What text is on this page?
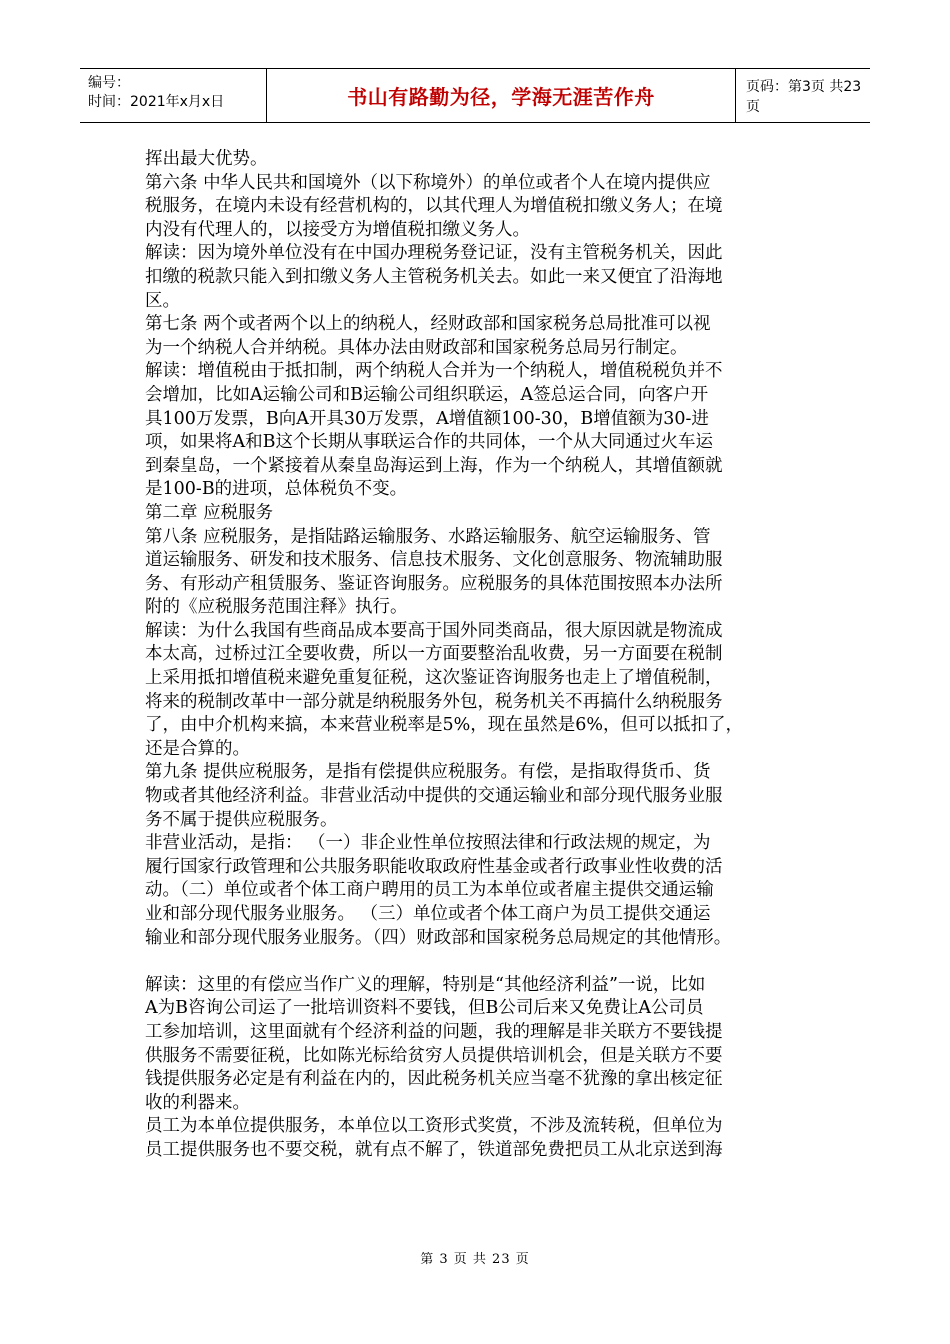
编号：
时间：2021年x月x日	书山有路勤为径，学海无涯苦作舟	页码：第3页 共23页

挥出最大优势。

第六条 中华人民共和国境外（以下称境外）的单位或者个人在境内提供应

税服务，在境内未设有经营机构的，以其代理人为增值税扣缴义务人；在境

内没有代理人的，以接受方为增值税扣缴义务人。

解读：因为境外单位没有在中国办理税务登记证，没有主管税务机关，因此

扣缴的税款只能入到扣缴义务人主管税务机关去。如此一来又便宜了沿海地

区。

第七条 两个或者两个以上的纳税人，经财政部和国家税务总局批准可以视

为一个纳税人合并纳税。具体办法由财政部和国家税务总局另行制定。

解读：增值税由于抵扣制，两个纳税人合并为一个纳税人，增值税税负并不

会增加，比如A运输公司和B运输公司组织联运，A签总运合同，向客户开

具100万发票，B向A开具30万发票，A增值额100-30，B增值额为30-进

项，如果将A和B这个长期从事联运合作的共同体，一个从大同通过火车运

到秦皇岛，一个紧接着从秦皇岛海运到上海，作为一个纳税人，其增值额就

是100-B的进项，总体税负不变。

第二章 应税服务

第八条 应税服务，是指陆路运输服务、水路运输服务、航空运输服务、管

道运输服务、研发和技术服务、信息技术服务、文化创意服务、物流辅助服

务、有形动产租赁服务、鉴证咨询服务。应税服务的具体范围按照本办法所

附的《应税服务范围注释》执行。

解读：为什么我国有些商品成本要高于国外同类商品，很大原因就是物流成

本太高，过桥过江全要收费，所以一方面要整治乱收费，另一方面要在税制

上采用抵扣增值税来避免重复征税，这次鉴证咨询服务也走上了增值税制，

将来的税制改革中一部分就是纳税服务外包，税务机关不再搞什么纳税服务

了，由中介机构来搞，本来营业税率是5%，现在虽然是6%，但可以抵扣了，

还是合算的。

第九条 提供应税服务，是指有偿提供应税服务。有偿，是指取得货币、货

物或者其他经济利益。非营业活动中提供的交通运输业和部分现代服务业服

务不属于提供应税服务。

非营业活动，是指： （一）非企业性单位按照法律和行政法规的规定，为

履行国家行政管理和公共服务职能收取政府性基金或者行政事业性收费的活

动。（二）单位或者个体工商户聘用的员工为本单位或者雇主提供交通运输

业和部分现代服务业服务。 （三）单位或者个体工商户为员工提供交通运

输业和部分现代服务业服务。（四）财政部和国家税务总局规定的其他情形。

解读：这里的有偿应当作广义的理解，特别是“其他经济利益”一说，比如

A为B咨询公司运了一批培训资料不要钱，但B公司后来又免费让A公司员

工参加培训，这里面就有个经济利益的问题，我的理解是非关联方不要钱提

供服务不需要征税，比如陈光标给贫穷人员提供培训机会，但是关联方不要

钱提供服务必定是有利益在内的，因此税务机关应当毫不犹豫的拿出核定征

收的利器来。

员工为本单位提供服务，本单位以工资形式奖赏，不涉及流转税，但单位为

员工提供服务也不要交税，就有点不解了，铁道部免费把员工从北京送到海

第 3 页 共 23 页
